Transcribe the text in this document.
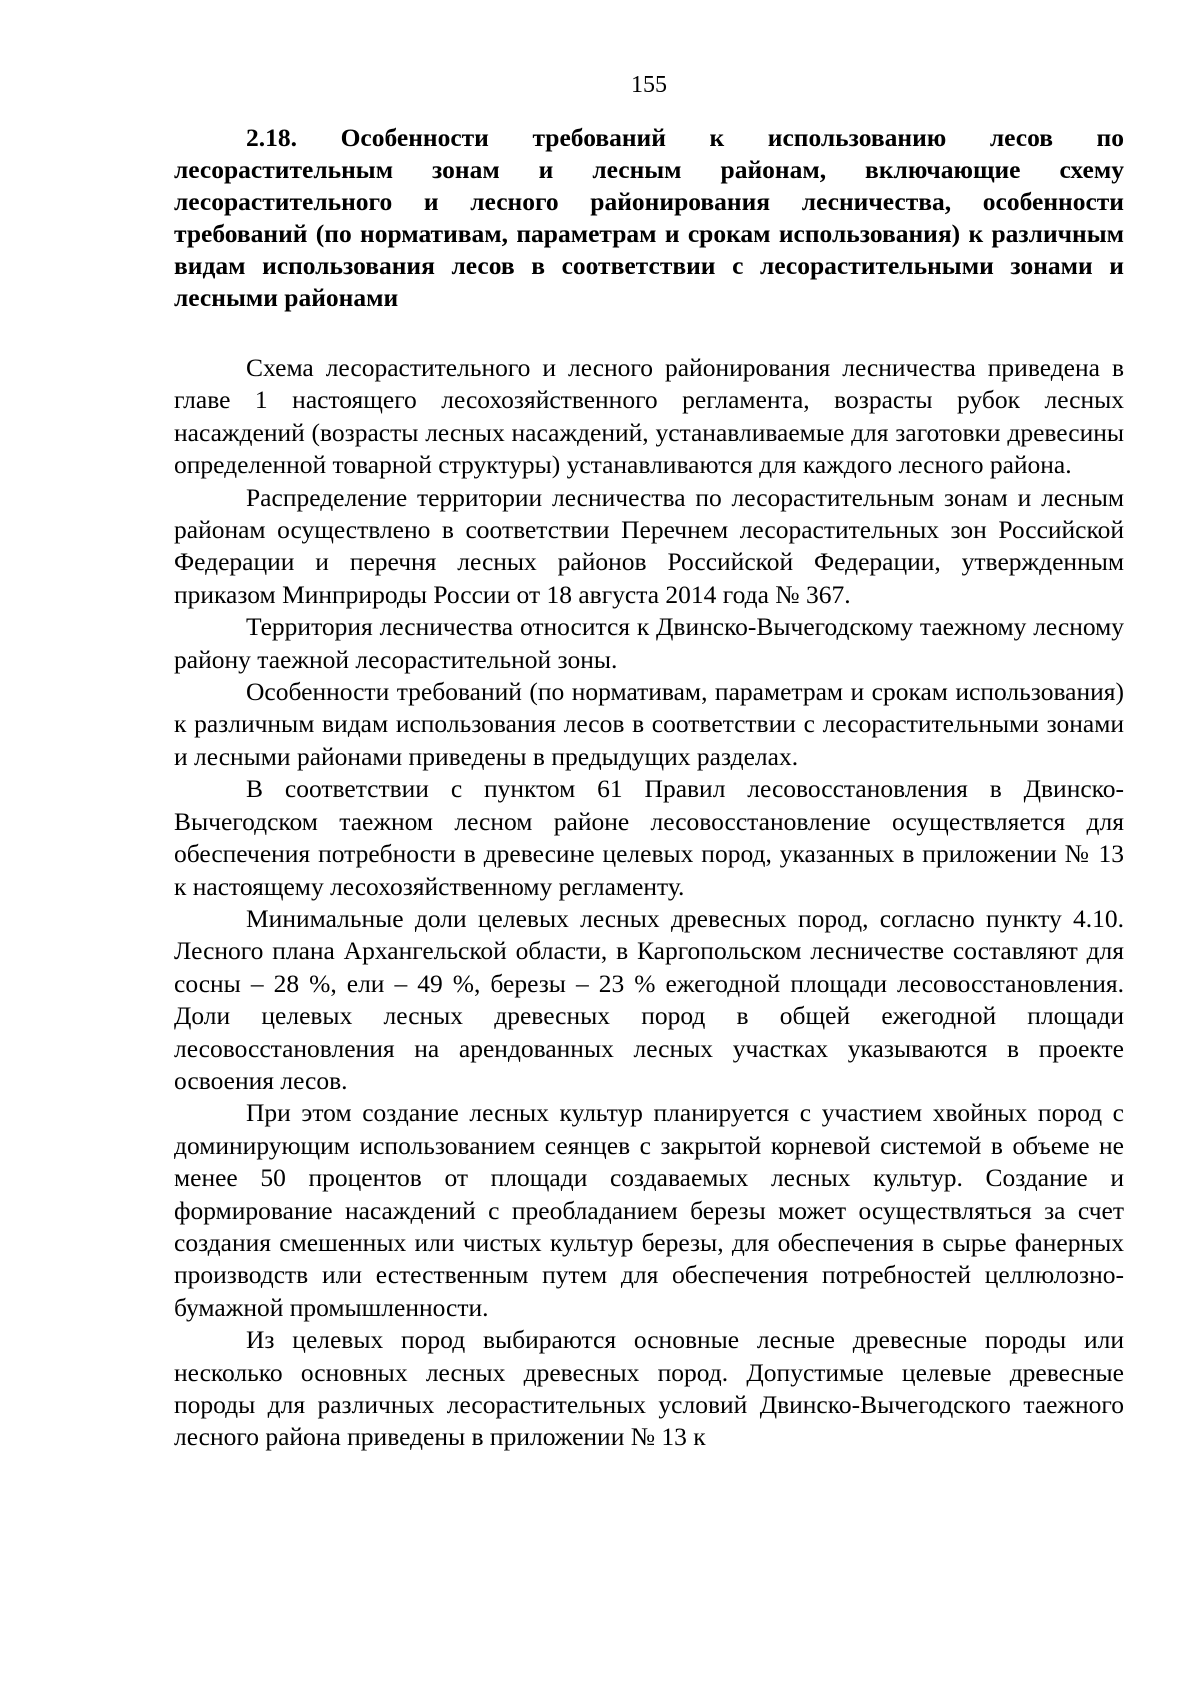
155

2.18. Особенности требований к использованию лесов по лесорастительным зонам и лесным районам, включающие схему лесорастительного и лесного районирования лесничества, особенности требований (по нормативам, параметрам и срокам использования) к различным видам использования лесов в соответствии с лесорастительными зонами и лесными районами

Схема лесорастительного и лесного районирования лесничества приведена в главе 1 настоящего лесохозяйственного регламента, возрасты рубок лесных насаждений (возрасты лесных насаждений, устанавливаемые для заготовки древесины определенной товарной структуры) устанавливаются для каждого лесного района.

Распределение территории лесничества по лесорастительным зонам и лесным районам осуществлено в соответствии Перечнем лесорастительных зон Российской Федерации и перечня лесных районов Российской Федерации, утвержденным приказом Минприроды России от 18 августа 2014 года № 367.

Территория лесничества относится к Двинско-Вычегодскому таежному лесному району таежной лесорастительной зоны.

Особенности требований (по нормативам, параметрам и срокам использования) к различным видам использования лесов в соответствии с лесорастительными зонами и лесными районами приведены в предыдущих разделах.

В соответствии с пунктом 61 Правил лесовосстановления в Двинско-Вычегодском таежном лесном районе лесовосстановление осуществляется для обеспечения потребности в древесине целевых пород, указанных в приложении № 13 к настоящему лесохозяйственному регламенту.

Минимальные доли целевых лесных древесных пород, согласно пункту 4.10. Лесного плана Архангельской области, в Каргопольском лесничестве составляют для сосны – 28 %, ели – 49 %, березы – 23 % ежегодной площади лесовосстановления. Доли целевых лесных древесных пород в общей ежегодной площади лесовосстановления на арендованных лесных участках указываются в проекте освоения лесов.

При этом создание лесных культур планируется с участием хвойных пород с доминирующим использованием сеянцев с закрытой корневой системой в объеме не менее 50 процентов от площади создаваемых лесных культур. Создание и формирование насаждений с преобладанием березы может осуществляться за счет создания смешенных или чистых культур березы, для обеспечения в сырье фанерных производств или естественным путем для обеспечения потребностей целлюлозно-бумажной промышленности.

Из целевых пород выбираются основные лесные древесные породы или несколько основных лесных древесных пород. Допустимые целевые древесные породы для различных лесорастительных условий Двинско-Вычегодского таежного лесного района приведены в приложении № 13 к
